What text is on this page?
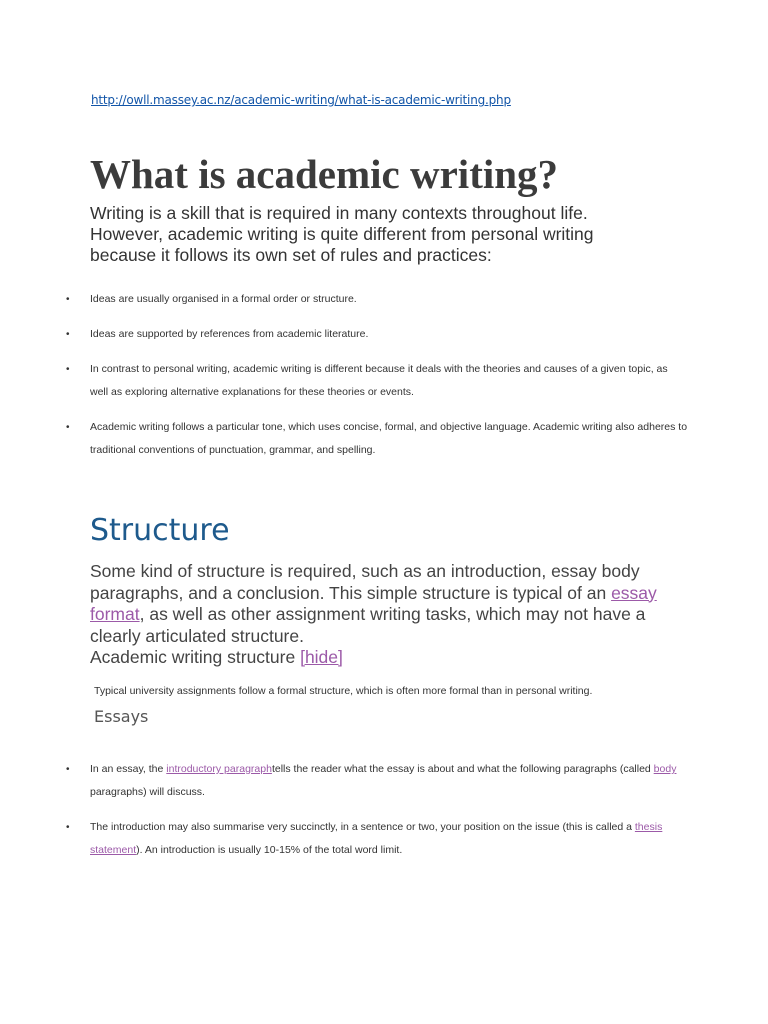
http://owll.massey.ac.nz/academic-writing/what-is-academic-writing.php
What is academic writing?

Writing is a skill that is required in many contexts throughout life. However, academic writing is quite different from personal writing because it follows its own set of rules and practices:

• Ideas are usually organised in a formal order or structure.
• Ideas are supported by references from academic literature.
• In contrast to personal writing, academic writing is different because it deals with the theories and causes of a given topic, as well as exploring alternative explanations for these theories or events.
• Academic writing follows a particular tone, which uses concise, formal, and objective language. Academic writing also adheres to traditional conventions of punctuation, grammar, and spelling.
Structure
Some kind of structure is required, such as an introduction, essay body paragraphs, and a conclusion. This simple structure is typical of an essay format, as well as other assignment writing tasks, which may not have a clearly articulated structure.
Academic writing structure [hide]

Typical university assignments follow a formal structure, which is often more formal than in personal writing.

Essays
• In an essay, the introductory paragraphtells the reader what the essay is about and what the following paragraphs (called body paragraphs) will discuss.
• The introduction may also summarise very succinctly, in a sentence or two, your position on the issue (this is called a thesis statement). An introduction is usually 10-15% of the total word limit.
